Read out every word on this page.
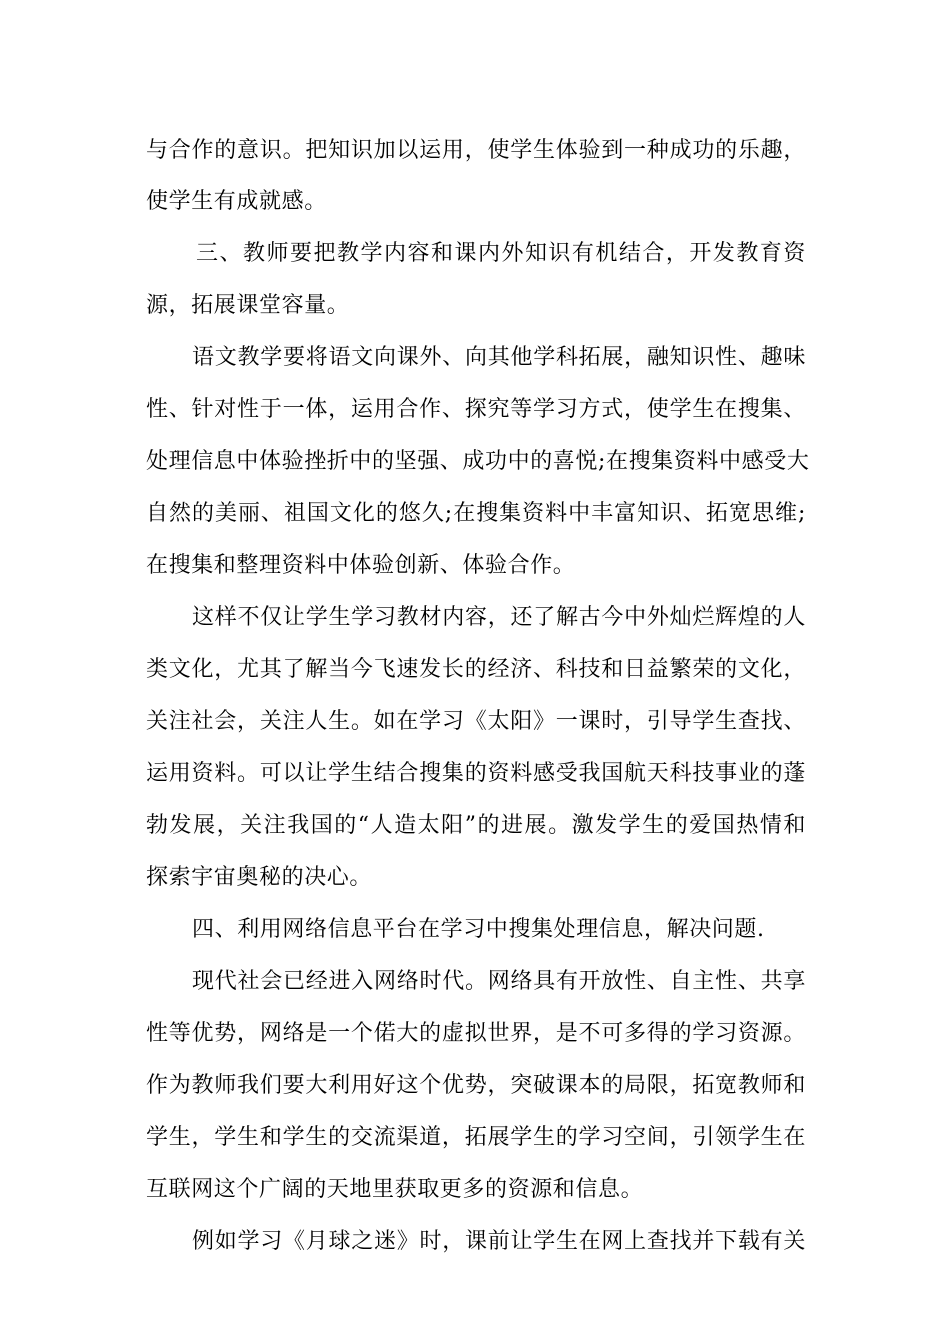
与合作的意识。把知识加以运用，使学生体验到一种成功的乐趣，
使学生有成就感。
三、教师要把教学内容和课内外知识有机结合，开发教育资
源，拓展课堂容量。
语文教学要将语文向课外、向其他学科拓展，融知识性、趣味
性、针对性于一体，运用合作、探究等学习方式，使学生在搜集、
处理信息中体验挫折中的坚强、成功中的喜悦;在搜集资料中感受大
自然的美丽、祖国文化的悠久;在搜集资料中丰富知识、拓宽思维;
在搜集和整理资料中体验创新、体验合作。
这样不仅让学生学习教材内容，还了解古今中外灿烂辉煌的人
类文化，尤其了解当今飞速发长的经济、科技和日益繁荣的文化，
关注社会，关注人生。如在学习《太阳》一课时，引导学生查找、
运用资料。可以让学生结合搜集的资料感受我国航天科技事业的蓬
勃发展，关注我国的“人造太阳”的进展。激发学生的爱国热情和
探索宇宙奥秘的决心。
四、利用网络信息平台在学习中搜集处理信息，解决问题.
现代社会已经进入网络时代。网络具有开放性、自主性、共享
性等优势，网络是一个偌大的虚拟世界，是不可多得的学习资源。
作为教师我们要大利用好这个优势，突破课本的局限，拓宽教师和
学生，学生和学生的交流渠道，拓展学生的学习空间，引领学生在
互联网这个广阔的天地里获取更多的资源和信息。
例如学习《月球之迷》时，课前让学生在网上查找并下载有关
